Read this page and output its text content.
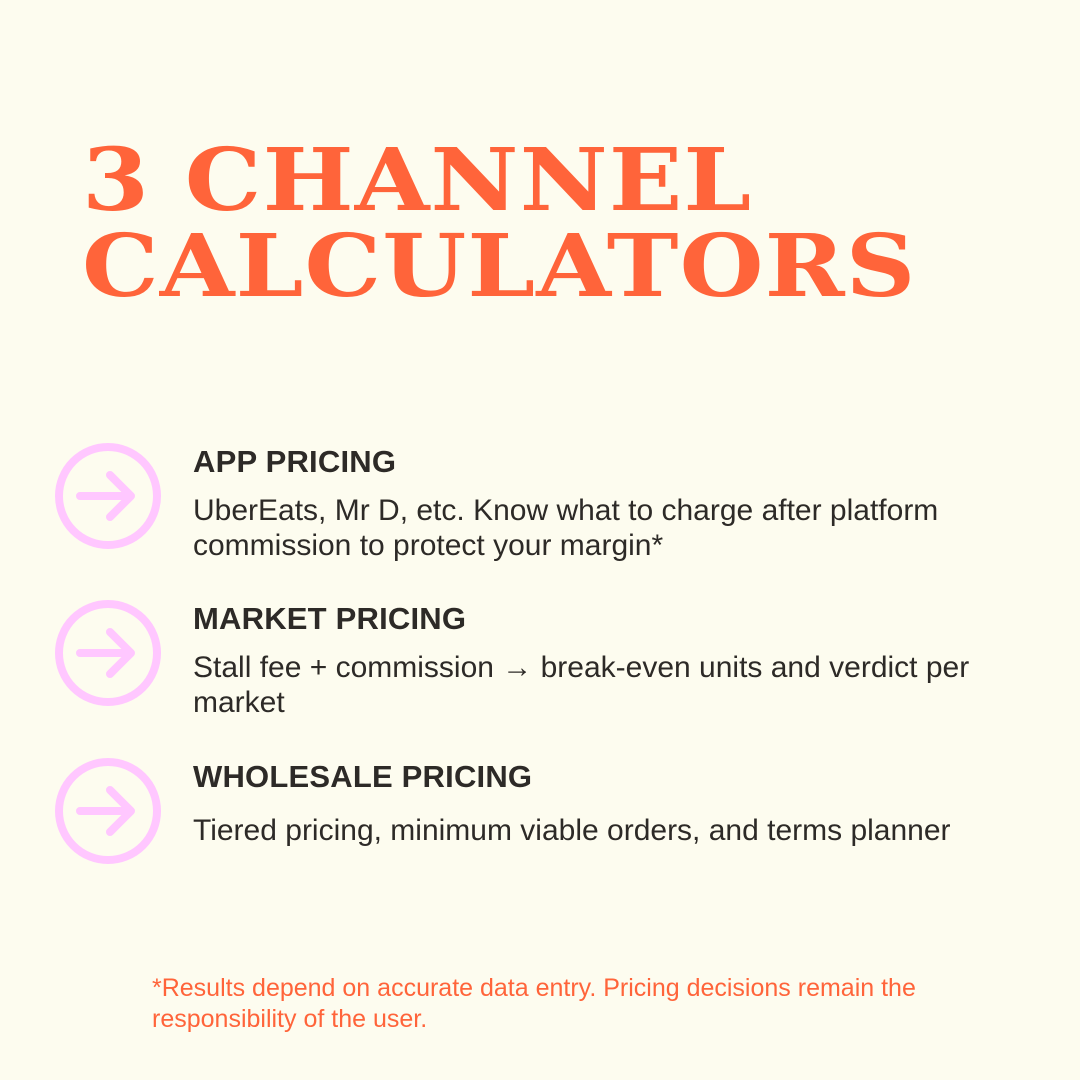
3 CHANNEL
CALCULATORS
APP PRICING

UberEats, Mr D, etc. Know what to charge after platform commission to protect your margin*

MARKET PRICING

Stall fee + commission → break-even units and verdict per market

WHOLESALE PRICING

Tiered pricing, minimum viable orders, and terms planner

*Results depend on accurate data entry. Pricing decisions remain the responsibility of the user.
